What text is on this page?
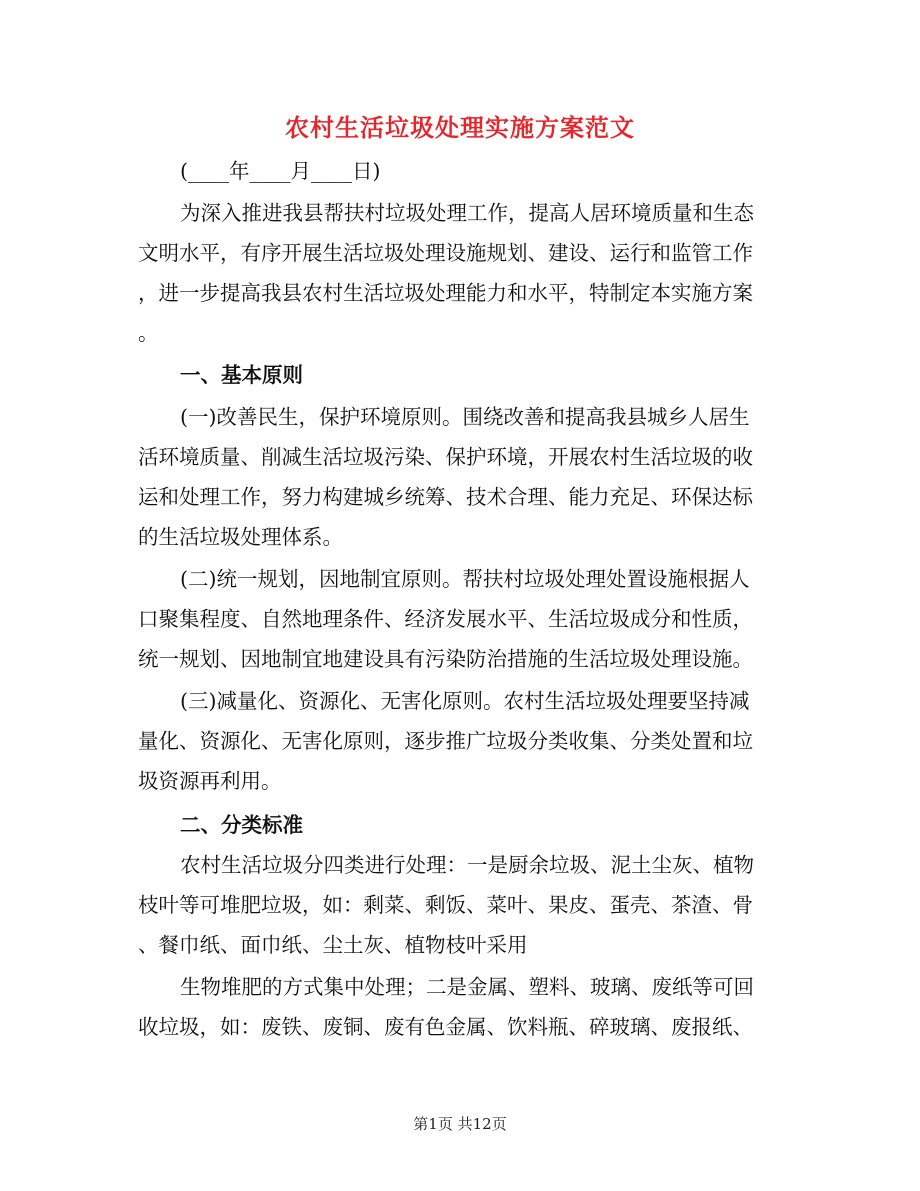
农村生活垃圾处理实施方案范文
(____年____月____日)
为深入推进我县帮扶村垃圾处理工作，提高人居环境质量和生态
文明水平，有序开展生活垃圾处理设施规划、建设、运行和监管工作
，进一步提高我县农村生活垃圾处理能力和水平，特制定本实施方案
。
一、基本原则
(一)改善民生，保护环境原则。围绕改善和提高我县城乡人居生
活环境质量、削减生活垃圾污染、保护环境，开展农村生活垃圾的收
运和处理工作，努力构建城乡统筹、技术合理、能力充足、环保达标
的生活垃圾处理体系。
(二)统一规划，因地制宜原则。帮扶村垃圾处理处置设施根据人
口聚集程度、自然地理条件、经济发展水平、生活垃圾成分和性质，
统一规划、因地制宜地建设具有污染防治措施的生活垃圾处理设施。
(三)减量化、资源化、无害化原则。农村生活垃圾处理要坚持减
量化、资源化、无害化原则，逐步推广垃圾分类收集、分类处置和垃
圾资源再利用。
二、分类标准
农村生活垃圾分四类进行处理：一是厨余垃圾、泥土尘灰、植物
枝叶等可堆肥垃圾，如：剩菜、剩饭、菜叶、果皮、蛋壳、茶渣、骨
、餐巾纸、面巾纸、尘土灰、植物枝叶采用
生物堆肥的方式集中处理；二是金属、塑料、玻璃、废纸等可回
收垃圾，如：废铁、废铜、废有色金属、饮料瓶、碎玻璃、废报纸、
第1页 共12页
